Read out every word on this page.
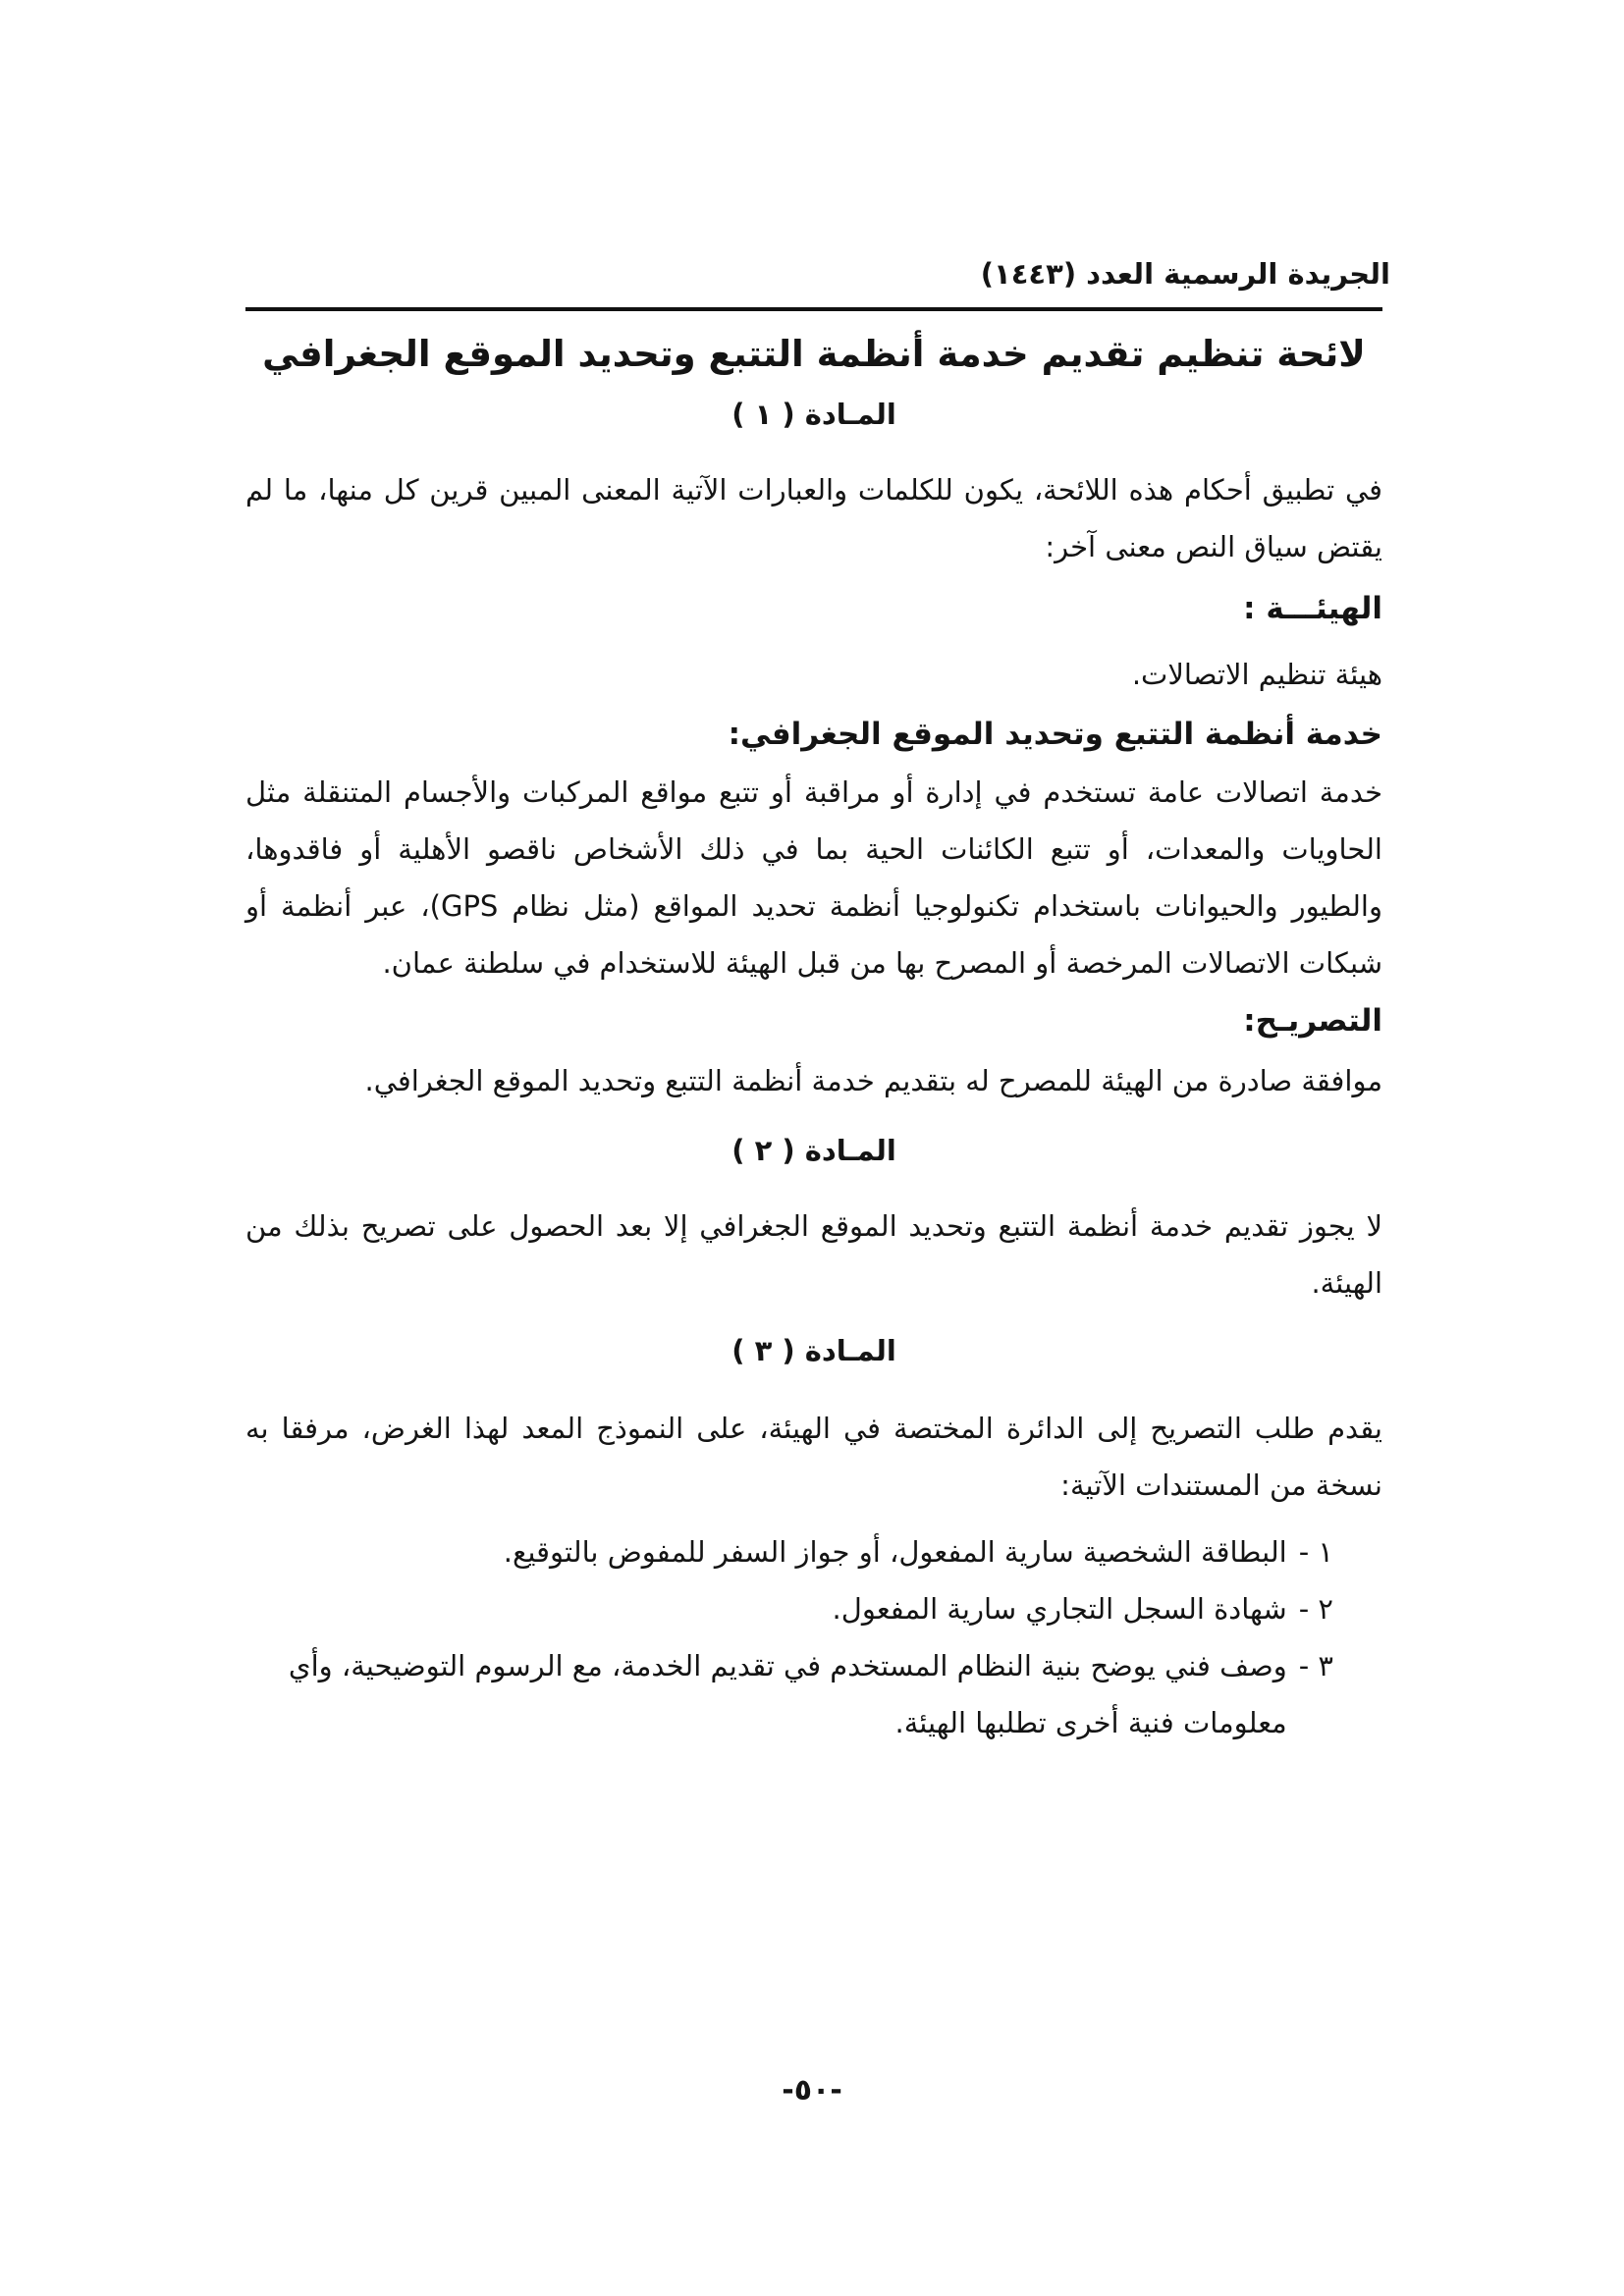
الجريدة الرسمية العدد (١٤٤٣)
لائحة تنظيم تقديم خدمة أنظمة التتبع وتحديد الموقع الجغرافي
المـادة ( ١ )

في تطبيق أحكام هذه اللائحة، يكون للكلمات والعبارات الآتية المعنى المبين قرين كل منها، ما لم يقتض سياق النص معنى آخر:

الهيئـــة :

هيئة تنظيم الاتصالات.

خدمة أنظمة التتبع وتحديد الموقع الجغرافي:

خدمة اتصالات عامة تستخدم في إدارة أو مراقبة أو تتبع مواقع المركبات والأجسام المتنقلة مثل الحاويات والمعدات، أو تتبع الكائنات الحية بما في ذلك الأشخاص ناقصو الأهلية أو فاقدوها، والطيور والحيوانات باستخدام تكنولوجيا أنظمة تحديد المواقع (مثل نظام GPS)، عبر أنظمة أو شبكات الاتصالات المرخصة أو المصرح بها من قبل الهيئة للاستخدام في سلطنة عمان.

التصريـح:

موافقة صادرة من الهيئة للمصرح له بتقديم خدمة أنظمة التتبع وتحديد الموقع الجغرافي.

المـادة ( ٢ )

لا يجوز تقديم خدمة أنظمة التتبع وتحديد الموقع الجغرافي إلا بعد الحصول على تصريح بذلك من الهيئة.

المـادة ( ٣ )

يقدم طلب التصريح إلى الدائرة المختصة في الهيئة، على النموذج المعد لهذا الغرض، مرفقا به نسخة من المستندات الآتية:

١ -
البطاقة الشخصية سارية المفعول، أو جواز السفر للمفوض بالتوقيع.
٢ -
شهادة السجل التجاري سارية المفعول.
٣ -
وصف فني يوضح بنية النظام المستخدم في تقديم الخدمة، مع الرسوم التوضيحية، وأي معلومات فنية أخرى تطلبها الهيئة.
-٥٠-
